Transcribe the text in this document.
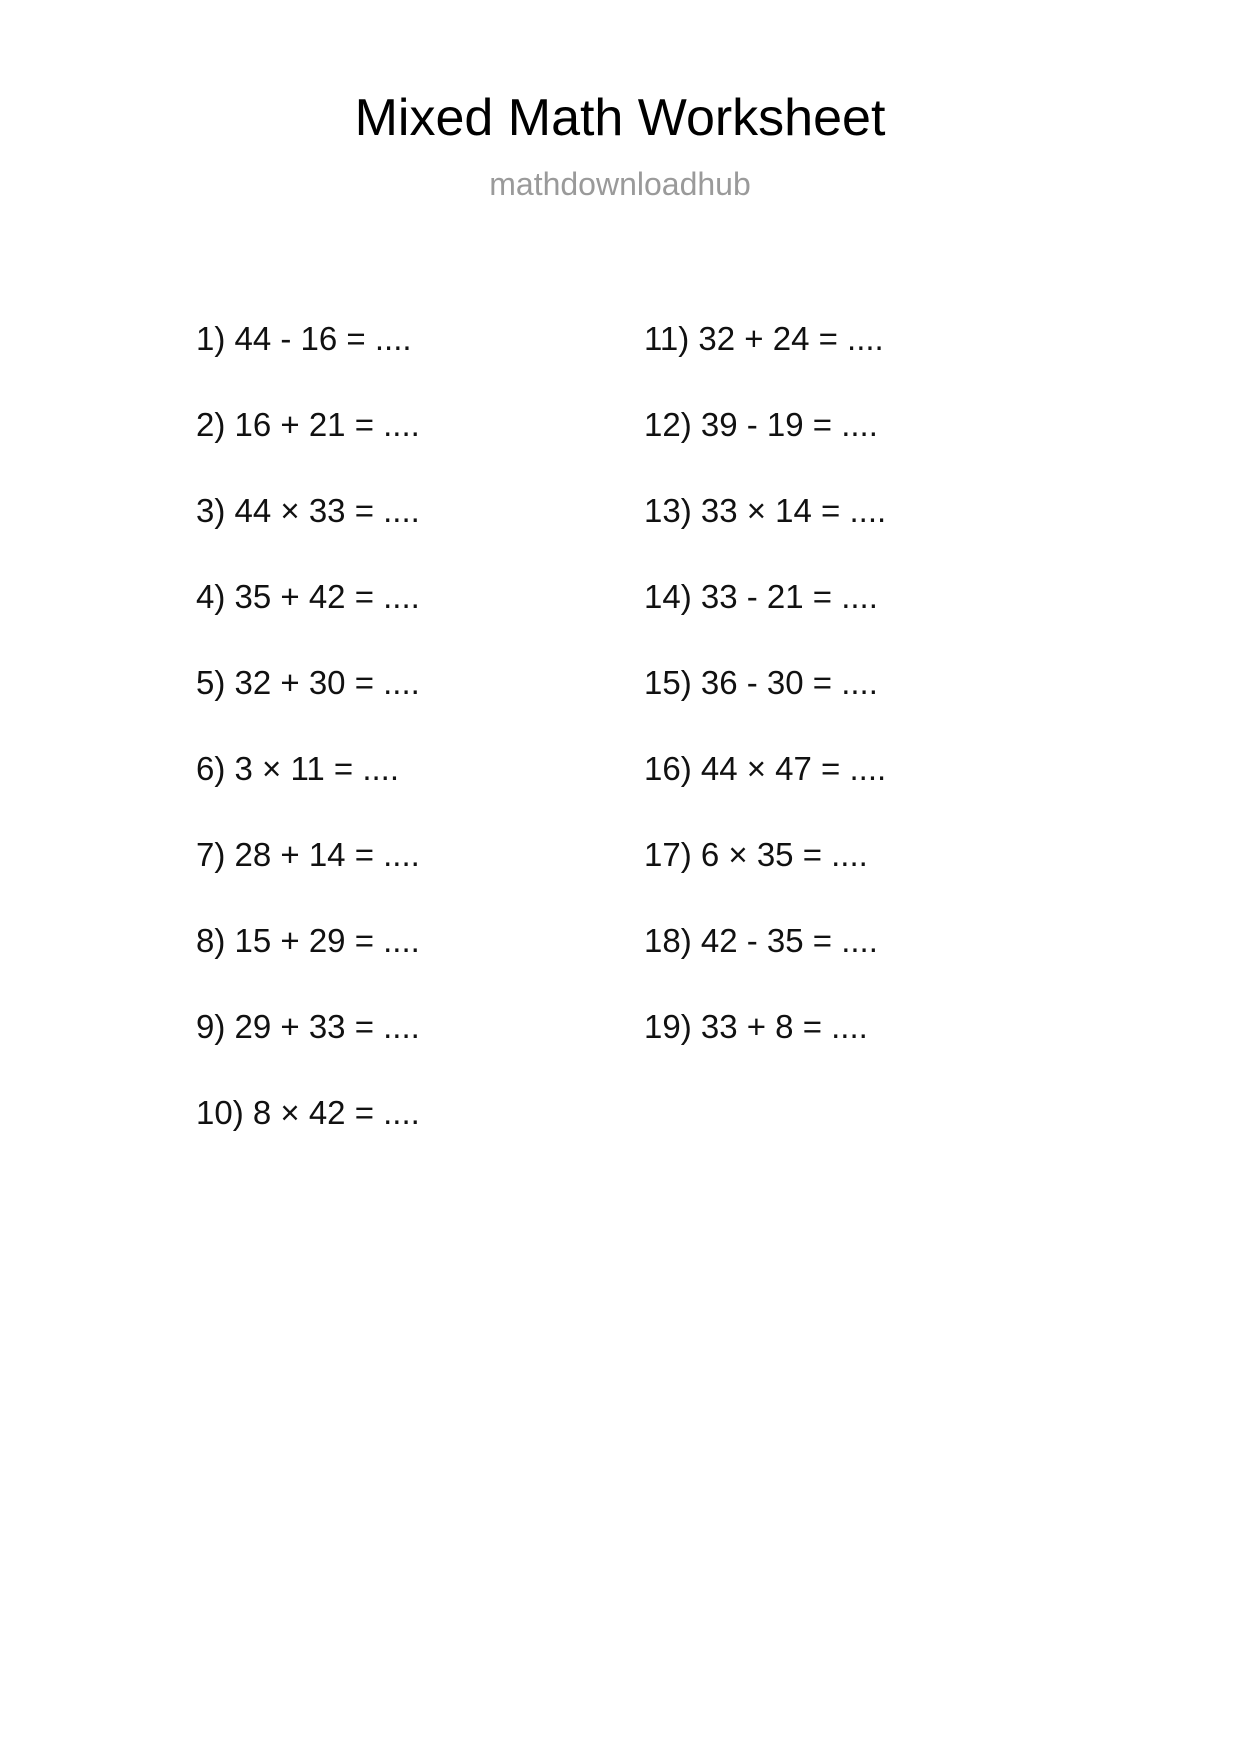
Mixed Math Worksheet
mathdownloadhub
1) 44 - 16 = ....
2) 16 + 21 = ....
3) 44 × 33 = ....
4) 35 + 42 = ....
5) 32 + 30 = ....
6) 3 × 11 = ....
7) 28 + 14 = ....
8) 15 + 29 = ....
9) 29 + 33 = ....
10) 8 × 42 = ....
11) 32 + 24 = ....
12) 39 - 19 = ....
13) 33 × 14 = ....
14) 33 - 21 = ....
15) 36 - 30 = ....
16) 44 × 47 = ....
17) 6 × 35 = ....
18) 42 - 35 = ....
19) 33 + 8 = ....
